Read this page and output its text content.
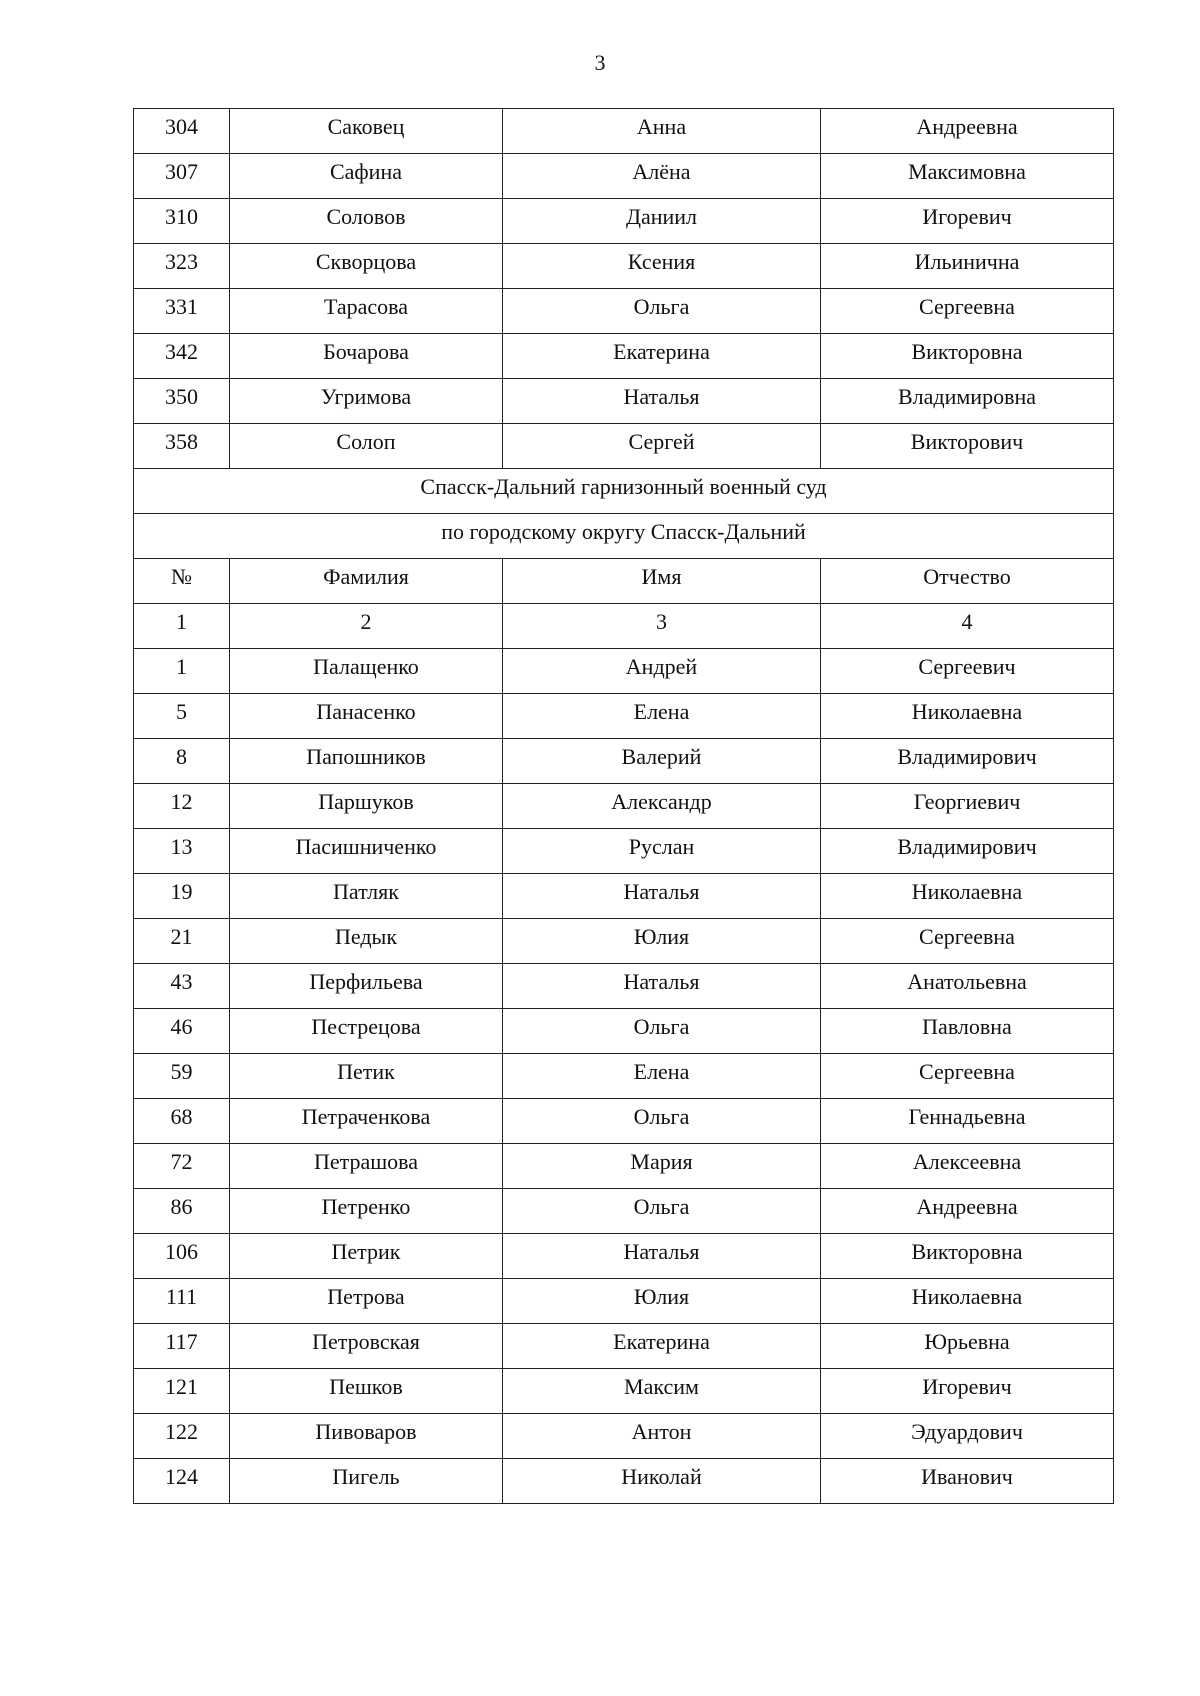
3
304	Саковец	Анна	Андреевна
307	Сафина	Алёна	Максимовна
310	Соловов	Даниил	Игоревич
323	Скворцова	Ксения	Ильинична
331	Тарасова	Ольга	Сергеевна
342	Бочарова	Екатерина	Викторовна
350	Угримова	Наталья	Владимировна
358	Солоп	Сергей	Викторович
Спасск-Дальний гарнизонный военный суд			
по городскому округу Спасск-Дальний			
№	Фамилия	Имя	Отчество
1	2	3	4
1	Палащенко	Андрей	Сергеевич
5	Панасенко	Елена	Николаевна
8	Папошников	Валерий	Владимирович
12	Паршуков	Александр	Георгиевич
13	Пасишниченко	Руслан	Владимирович
19	Патляк	Наталья	Николаевна
21	Педык	Юлия	Сергеевна
43	Перфильева	Наталья	Анатольевна
46	Пестрецова	Ольга	Павловна
59	Петик	Елена	Сергеевна
68	Петраченкова	Ольга	Геннадьевна
72	Петрашова	Мария	Алексеевна
86	Петренко	Ольга	Андреевна
106	Петрик	Наталья	Викторовна
111	Петрова	Юлия	Николаевна
117	Петровская	Екатерина	Юрьевна
121	Пешков	Максим	Игоревич
122	Пивоваров	Антон	Эдуардович
124	Пигель	Николай	Иванович
